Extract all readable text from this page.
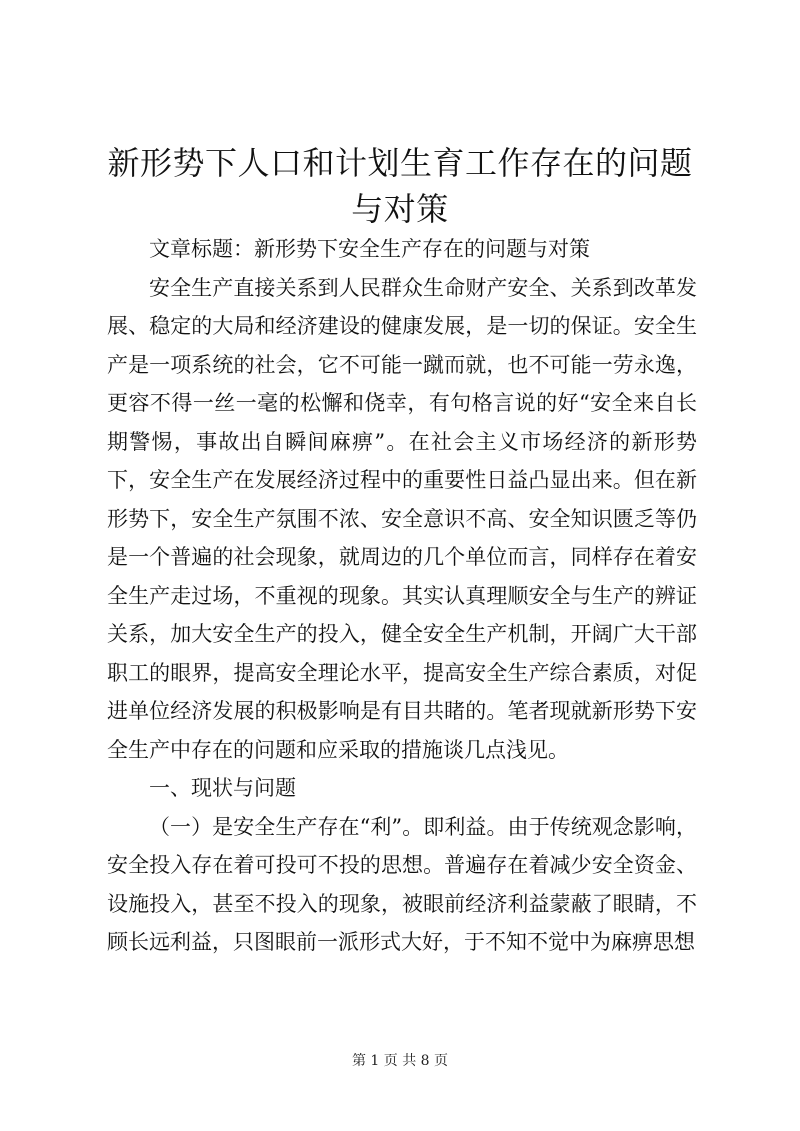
新形势下人口和计划生育工作存在的问题与对策

文章标题：新形势下安全生产存在的问题与对策

安全生产直接关系到人民群众生命财产安全、关系到改革发展、稳定的大局和经济建设的健康发展，是一切的保证。安全生产是一项系统的社会，它不可能一蹴而就，也不可能一劳永逸，更容不得一丝一毫的松懈和侥幸，有句格言说的好“安全来自长期警惕，事故出自瞬间麻痹”。在社会主义市场经济的新形势下，安全生产在发展经济过程中的重要性日益凸显出来。但在新形势下，安全生产氛围不浓、安全意识不高、安全知识匮乏等仍是一个普遍的社会现象，就周边的几个单位而言，同样存在着安全生产走过场，不重视的现象。其实认真理顺安全与生产的辨证关系，加大安全生产的投入，健全安全生产机制，开阔广大干部职工的眼界，提高安全理论水平，提高安全生产综合素质，对促进单位经济发展的积极影响是有目共睹的。笔者现就新形势下安全生产中存在的问题和应采取的措施谈几点浅见。

一、现状与问题

（一）是安全生产存在“利”。即利益。由于传统观念影响，安全投入存在着可投可不投的思想。普遍存在着减少安全资金、设施投入，甚至不投入的现象，被眼前经济利益蒙蔽了眼睛，不顾长远利益，只图眼前一派形式大好，于不知不觉中为麻痹思想

第 1 页 共 8 页
